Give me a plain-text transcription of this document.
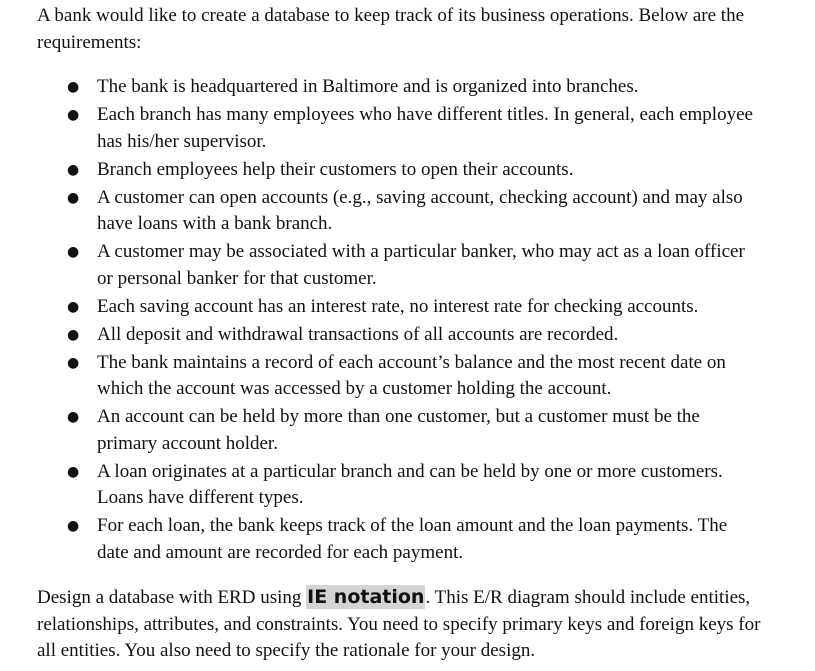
A bank would like to create a database to keep track of its business operations. Below are the requirements:

● The bank is headquartered in Baltimore and is organized into branches.
● Each branch has many employees who have different titles. In general, each employee has his/her supervisor.
● Branch employees help their customers to open their accounts.
● A customer can open accounts (e.g., saving account, checking account) and may also have loans with a bank branch.
● A customer may be associated with a particular banker, who may act as a loan officer or personal banker for that customer.
● Each saving account has an interest rate, no interest rate for checking accounts.
● All deposit and withdrawal transactions of all accounts are recorded.
● The bank maintains a record of each account’s balance and the most recent date on which the account was accessed by a customer holding the account.
● An account can be held by more than one customer, but a customer must be the primary account holder.
● A loan originates at a particular branch and can be held by one or more customers. Loans have different types.
● For each loan, the bank keeps track of the loan amount and the loan payments. The date and amount are recorded for each payment.

Design a database with ERD using IE notation. This E/R diagram should include entities, relationships, attributes, and constraints. You need to specify primary keys and foreign keys for all entities. You also need to specify the rationale for your design.
